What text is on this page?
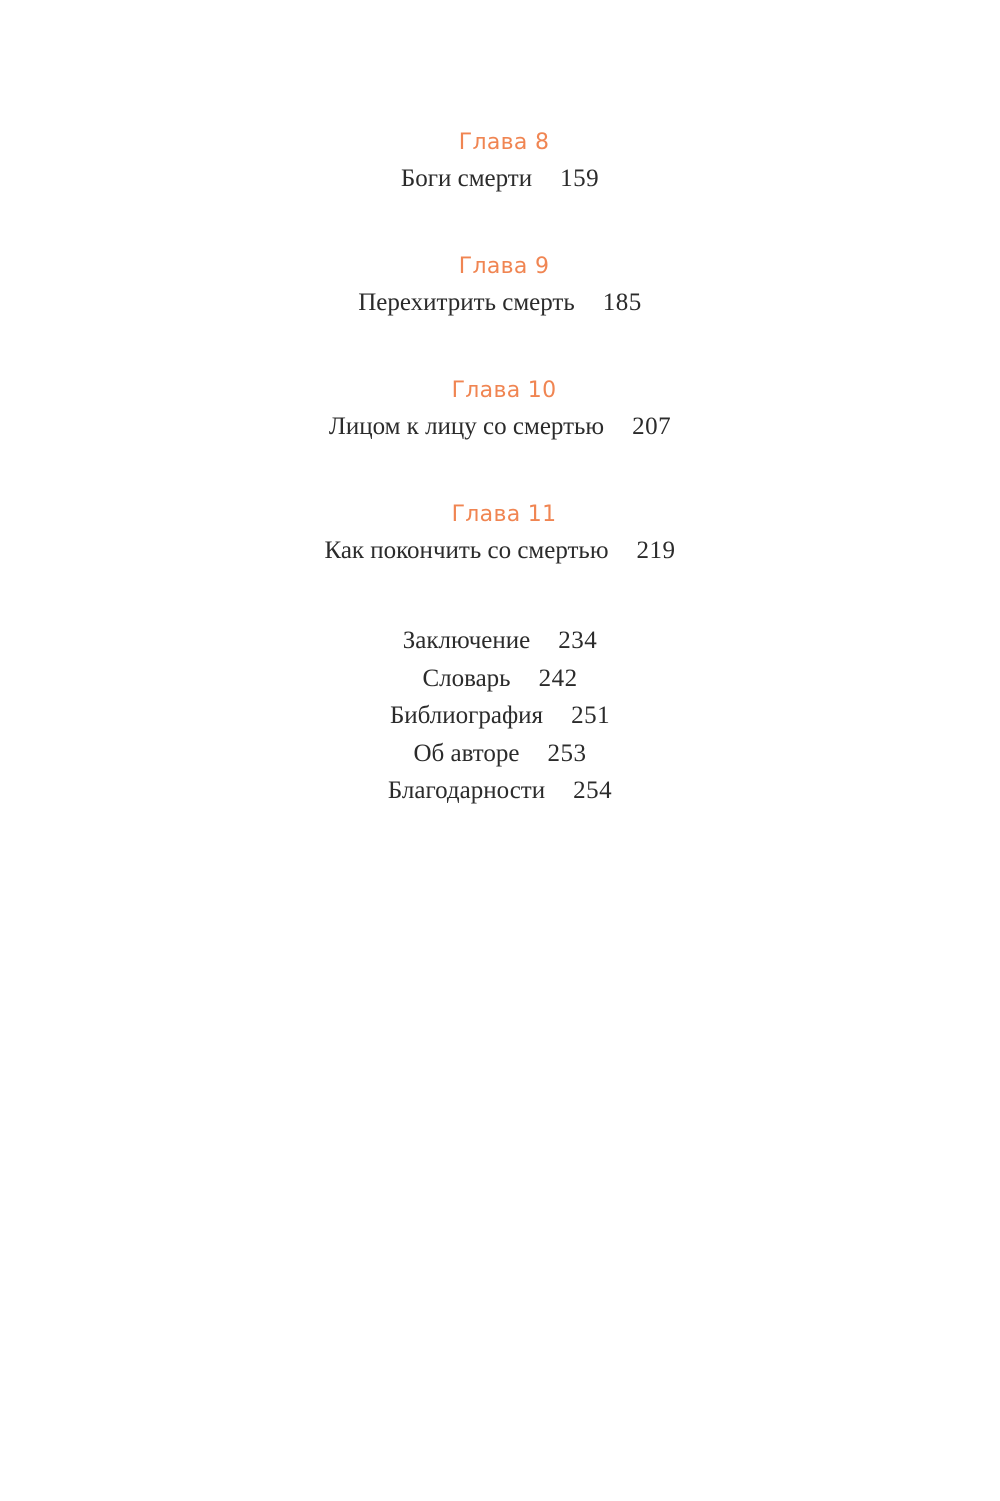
Глава 8
Боги смерти 159
Глава 9
Перехитрить смерть 185
Глава 10
Лицом к лицу со смертью 207
Глава 11
Как покончить со смертью 219
Заключение 234
Словарь 242
Библиография 251
Об авторе 253
Благодарности 254
